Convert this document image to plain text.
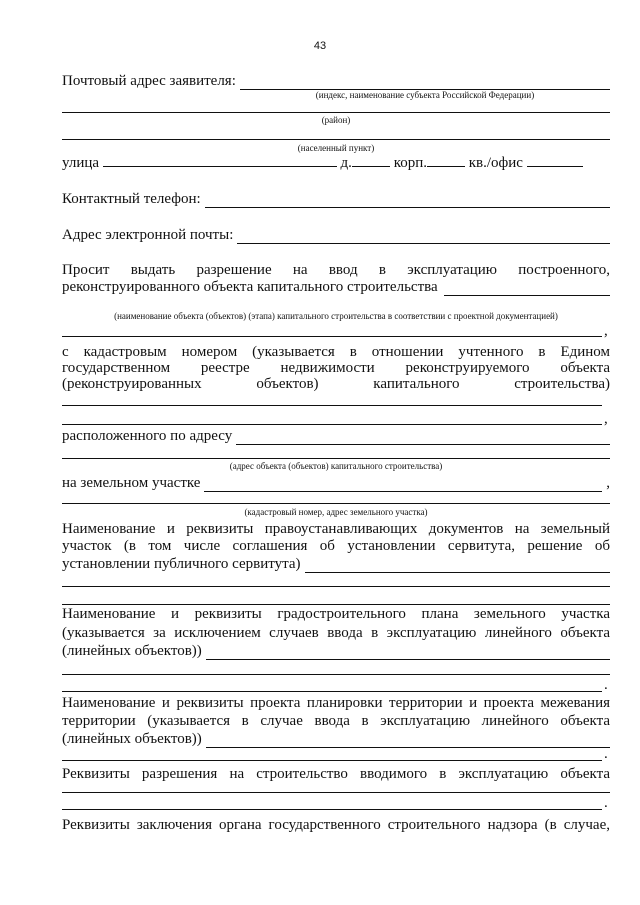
43
Почтовый адрес заявителя:
(индекс, наименование субъекта Российской Федерации)
(район)
(населенный пункт)
улица	д.	корп.	кв./офис
Контактный телефон:
Адрес электронной почты:
Просит выдать разрешение на ввод в эксплуатацию построенного,
реконструированного объекта капитального строительства
(наименование объекта (объектов) (этапа) капитального строительства в соответствии с проектной документацией)
,
с кадастровым номером (указывается в отношении учтенного в Едином
государственном реестре недвижимости реконструируемого объекта
(реконструированных объектов) капитального строительства)
,
расположенного по адресу
(адрес объекта (объектов) капитального строительства)
на земельном участке	,
(кадастровый номер, адрес земельного участка)
Наименование и реквизиты правоустанавливающих документов на земельный
участок (в том числе соглашения об установлении сервитута, решение об
установлении публичного сервитута)
Наименование и реквизиты градостроительного плана земельного участка
(указывается за исключением случаев ввода в эксплуатацию линейного объекта
(линейных объектов))
.
Наименование и реквизиты проекта планировки территории и проекта межевания
территории (указывается в случае ввода в эксплуатацию линейного объекта
(линейных объектов))
.
Реквизиты разрешения на строительство вводимого в эксплуатацию объекта
.
Реквизиты заключения органа государственного строительного надзора (в случае,
